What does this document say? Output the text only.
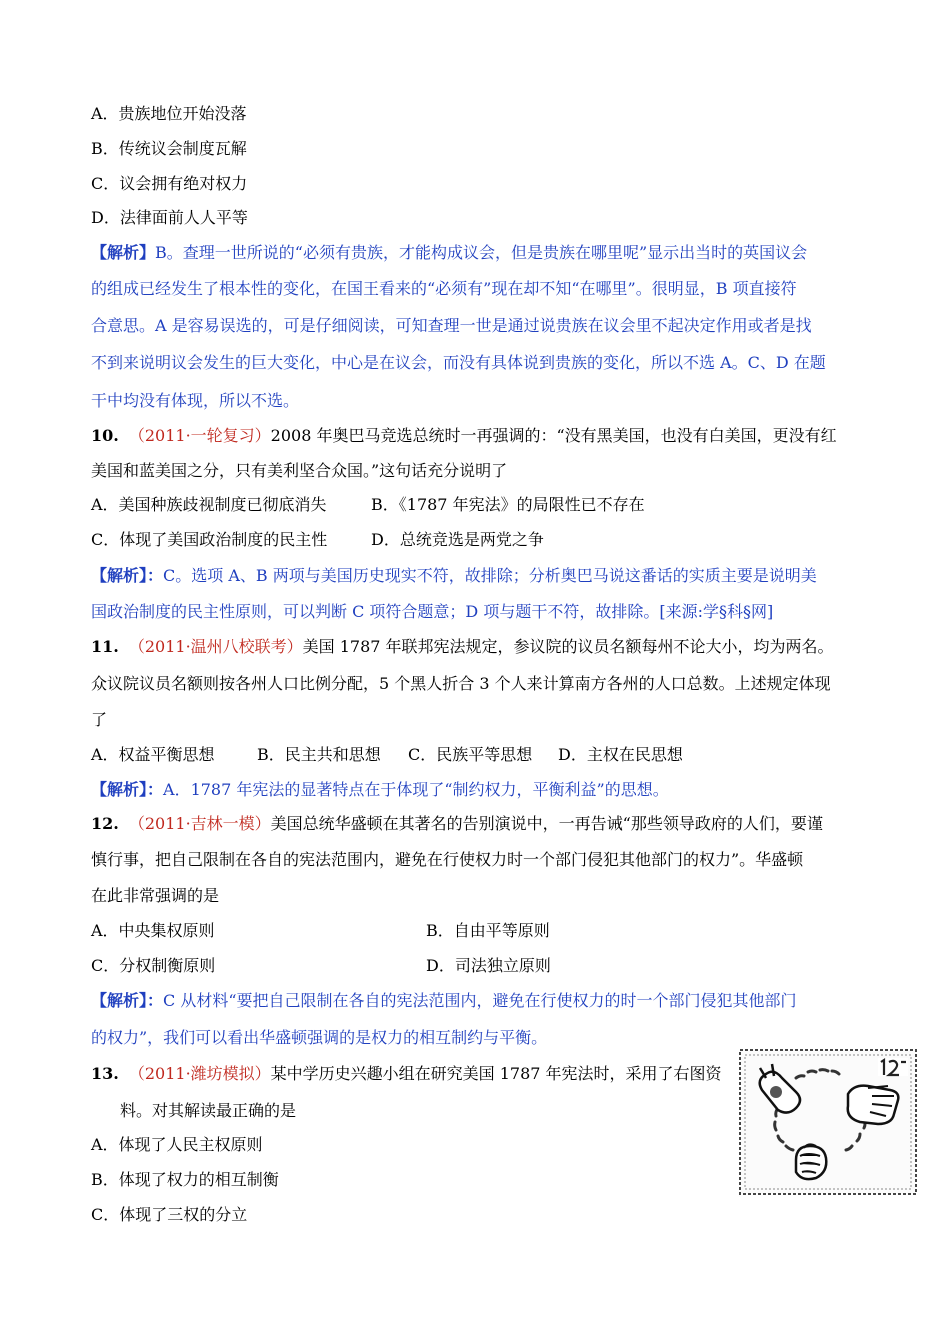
A．贵族地位开始没落
B．传统议会制度瓦解
C．议会拥有绝对权力
D．法律面前人人平等
【解析】B。查理一世所说的“必须有贵族，才能构成议会，但是贵族在哪里呢”显示出当时的英国议会
的组成已经发生了根本性的变化，在国王看来的“必须有”现在却不知“在哪里”。很明显，B 项直接符
合意思。A 是容易误选的，可是仔细阅读，可知查理一世是通过说贵族在议会里不起决定作用或者是找
不到来说明议会发生的巨大变化，中心是在议会，而没有具体说到贵族的变化，所以不选 A。C、D 在题
干中均没有体现，所以不选。
10. （2011·一轮复习）2008 年奥巴马竞选总统时一再强调的：“没有黑美国，也没有白美国，更没有红
美国和蓝美国之分，只有美利坚合众国。”这句话充分说明了
A．美国种族歧视制度已彻底消失	B．《1787 年宪法》的局限性已不存在
C．体现了美国政治制度的民主性	D．总统竞选是两党之争
【解析】：C。选项 A、B 两项与美国历史现实不符，故排除；分析奥巴马说这番话的实质主要是说明美
国政治制度的民主性原则，可以判断 C 项符合题意；D 项与题干不符，故排除。[来源:学§科§网]
11. （2011·温州八校联考）美国 1787 年联邦宪法规定，参议院的议员名额每州不论大小，均为两名。
众议院议员名额则按各州人口比例分配，5 个黑人折合 3 个人来计算南方各州的人口总数。上述规定体现
了
A．权益平衡思想	B．民主共和思想 C．民族平等思想 D．主权在民思想
【解析】：A．1787 年宪法的显著特点在于体现了“制约权力，平衡利益”的思想。
12. （2011·吉林一模）美国总统华盛顿在其著名的告别演说中，一再告诫“那些领导政府的人们，要谨
慎行事，把自己限制在各自的宪法范围内，避免在行使权力时一个部门侵犯其他部门的权力”。华盛顿
在此非常强调的是
A．中央集权原则	B．自由平等原则
C．分权制衡原则	D．司法独立原则
【解析】：C 从材料“要把自己限制在各自的宪法范围内，避免在行使权力的时一个部门侵犯其他部门
的权力”，我们可以看出华盛顿强调的是权力的相互制约与平衡。
13. （2011·潍坊模拟）某中学历史兴趣小组在研究美国 1787 年宪法时，采用了右图资
料。对其解读最正确的是
A．体现了人民主权原则
B．体现了权力的相互制衡
C．体现了三权的分立
